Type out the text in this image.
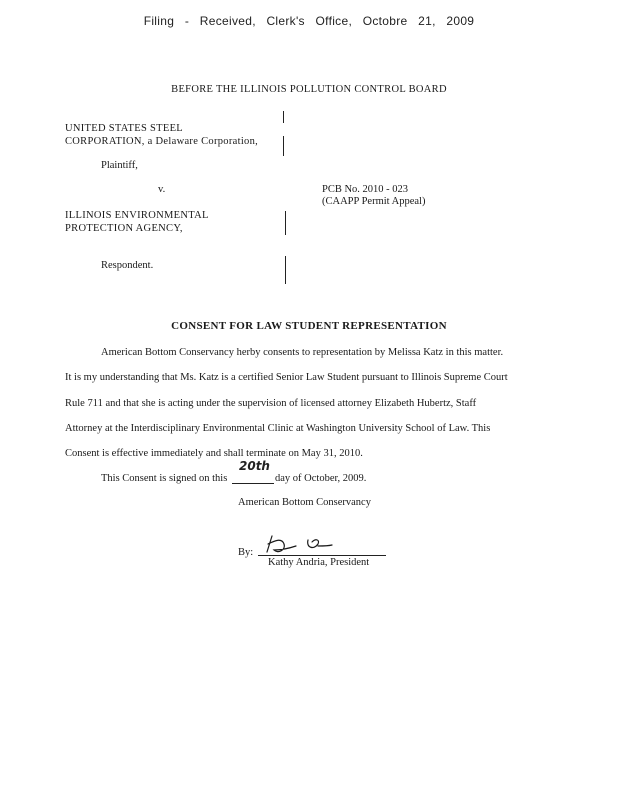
Filing - Received, Clerk's Office, Octobre 21, 2009
BEFORE THE ILLINOIS POLLUTION CONTROL BOARD
UNITED STATES STEEL
CORPORATION, a Delaware Corporation,
Plaintiff,
v.
ILLINOIS ENVIRONMENTAL
PROTECTION AGENCY,
Respondent.
PCB No. 2010 - 023
(CAAPP Permit Appeal)
CONSENT FOR LAW STUDENT REPRESENTATION
American Bottom Conservancy herby consents to representation by Melissa Katz in this matter.
It is my understanding that Ms. Katz is a certified Senior Law Student pursuant to Illinois Supreme Court
Rule 711 and that she is acting under the supervision of licensed attorney Elizabeth Hubertz, Staff
Attorney at the Interdisciplinary Environmental Clinic at Washington University School of Law. This
Consent is effective immediately and shall terminate on May 31, 2010.
This Consent is signed on this
20th
day of October, 2009.
American Bottom Conservancy
By:
Kathy Andria, President
